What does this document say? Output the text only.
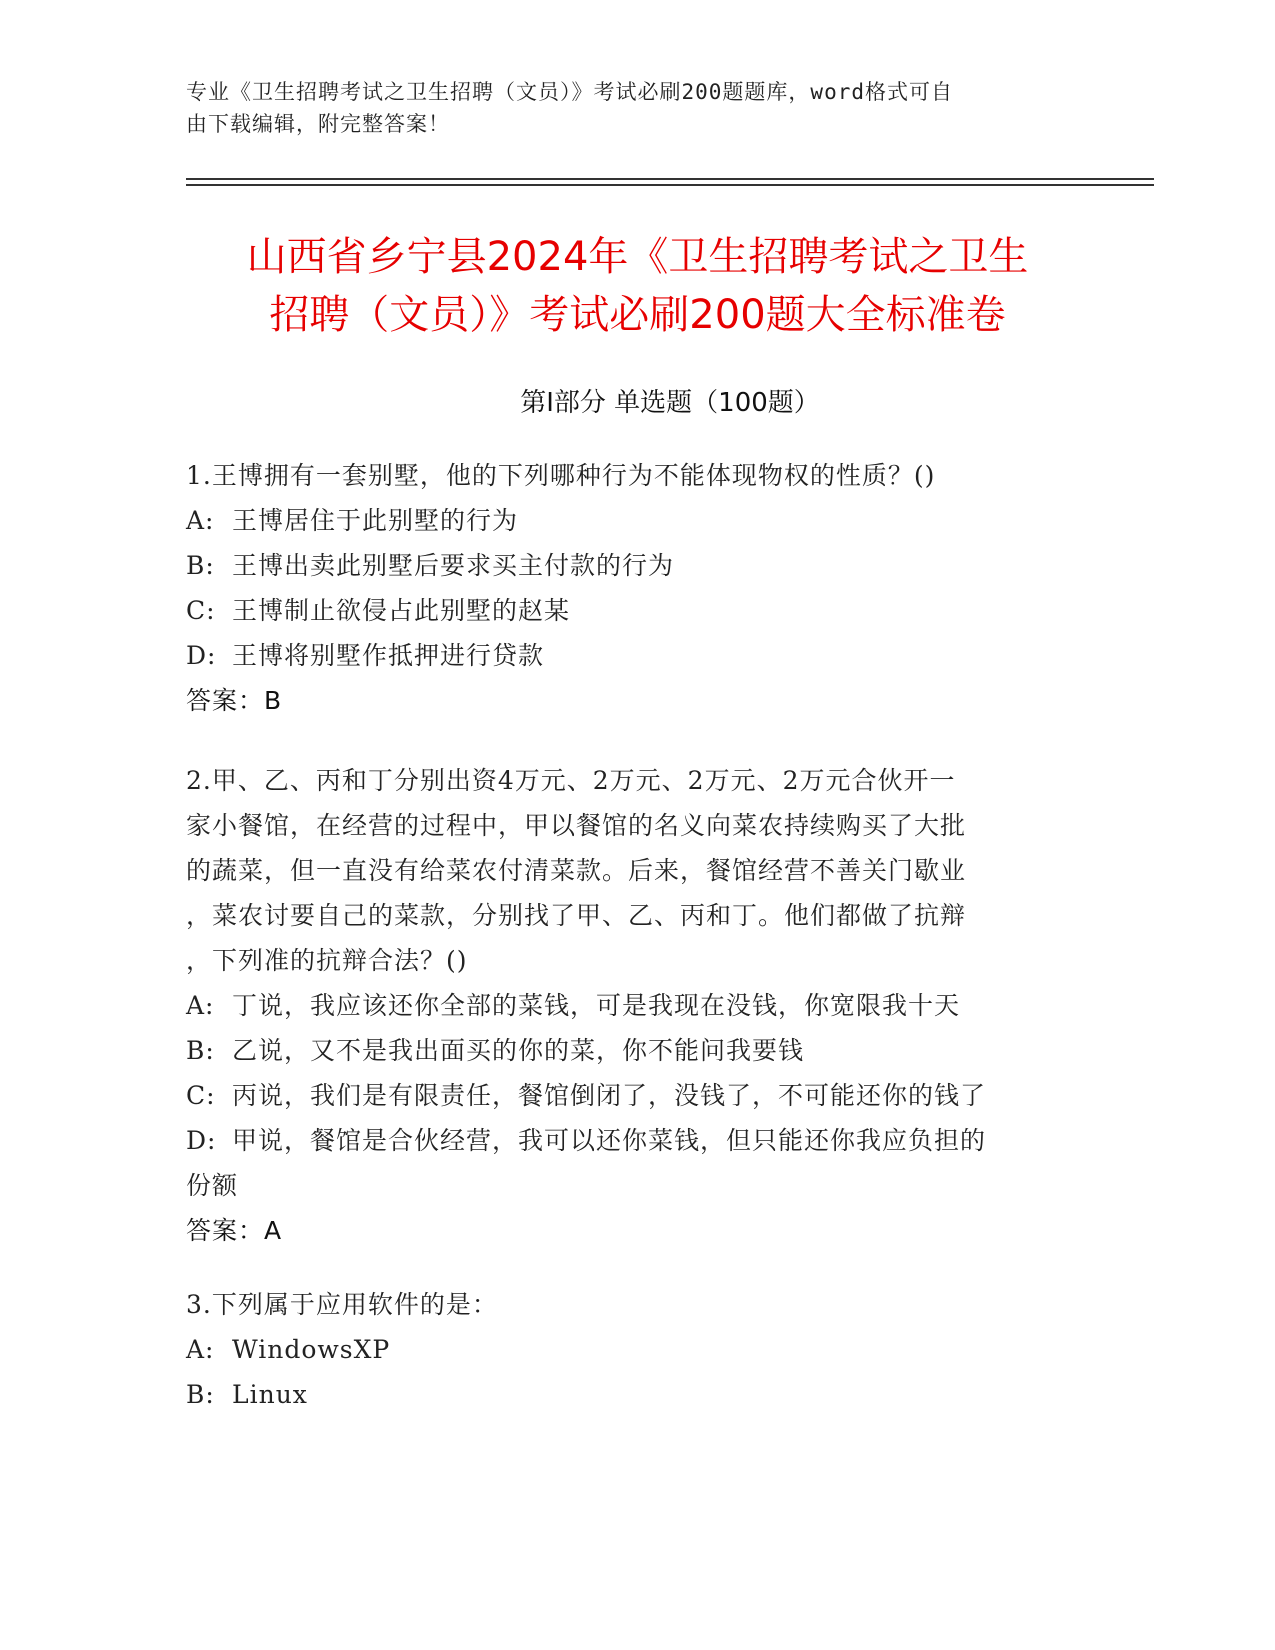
专业《卫生招聘考试之卫生招聘（文员）》考试必刷200题题库，word格式可自
由下载编辑，附完整答案！
山西省乡宁县2024年《卫生招聘考试之卫生
招聘（文员）》考试必刷200题大全标准卷
第Ⅰ部分 单选题（100题）
1.王博拥有一套别墅，他的下列哪种行为不能体现物权的性质？()
A: 王博居住于此别墅的行为
B: 王博出卖此别墅后要求买主付款的行为
C: 王博制止欲侵占此别墅的赵某
D: 王博将别墅作抵押进行贷款
答案：B
2.甲、乙、丙和丁分别出资4万元、2万元、2万元、2万元合伙开一
家小餐馆，在经营的过程中，甲以餐馆的名义向菜农持续购买了大批
的蔬菜，但一直没有给菜农付清菜款。后来，餐馆经营不善关门歇业
，菜农讨要自己的菜款，分别找了甲、乙、丙和丁。他们都做了抗辩
，下列准的抗辩合法？()
A: 丁说，我应该还你全部的菜钱，可是我现在没钱，你宽限我十天
B: 乙说，又不是我出面买的你的菜，你不能问我要钱
C: 丙说，我们是有限责任，餐馆倒闭了，没钱了，不可能还你的钱了
D: 甲说，餐馆是合伙经营，我可以还你菜钱，但只能还你我应负担的
份额
答案：A
3.下列属于应用软件的是：
A: WindowsXP
B: Linux
